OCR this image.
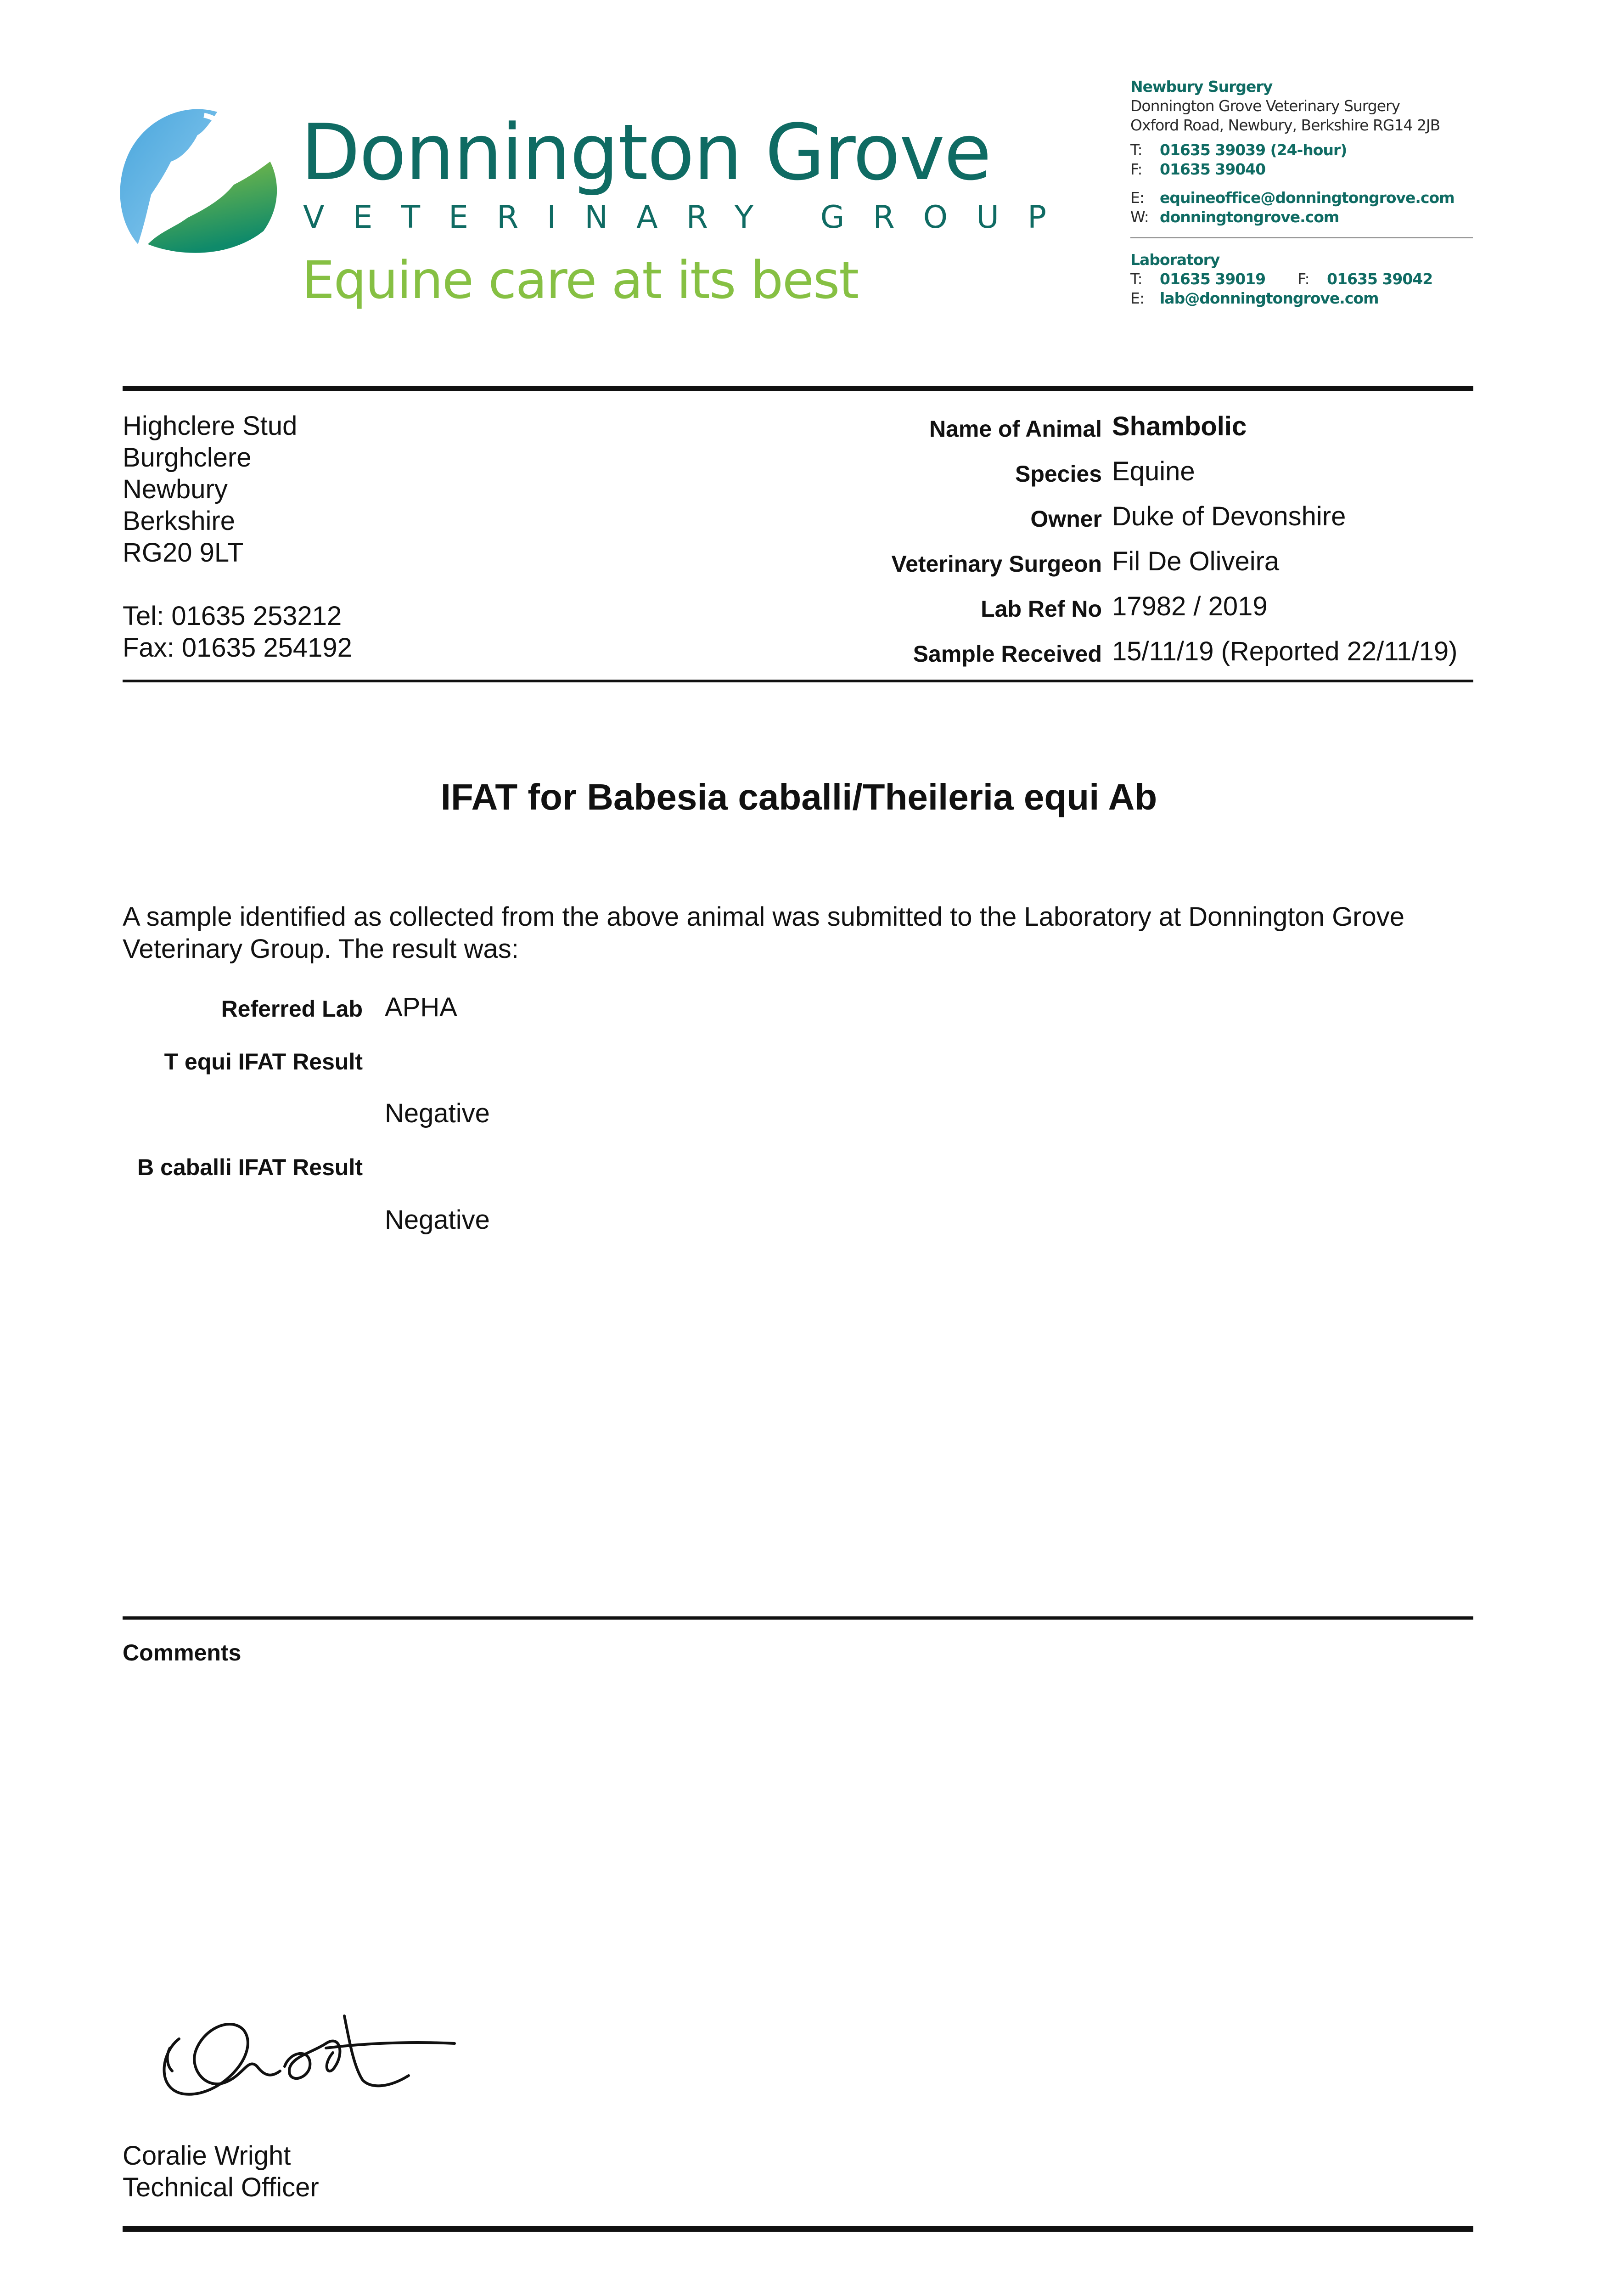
Donnington Grove
VETERINARY GROUP
Equine care at its best
Newbury Surgery
Donnington Grove Veterinary Surgery
Oxford Road, Newbury, Berkshire RG14 2JB
T: 01635 39039 (24-hour)
F: 01635 39040
E: equineoffice@donningtongrove.com
W: donningtongrove.com
Laboratory
T: 01635 39019 F: 01635 39042
E: lab@donningtongrove.com
Highclere Stud
Burghclere
Newbury
Berkshire
RG20 9LT
Tel: 01635 253212
Fax: 01635 254192
Name of Animal Shambolic
Species Equine
Owner Duke of Devonshire
Veterinary Surgeon Fil De Oliveira
Lab Ref No 17982 / 2019
Sample Received 15/11/19 (Reported 22/11/19)
IFAT for Babesia caballi/Theileria equi Ab
A sample identified as collected from the above animal was submitted to the Laboratory at Donnington Grove Veterinary Group. The result was:
Referred Lab APHA
T equi IFAT Result
Negative
B caballi IFAT Result
Negative
Comments
Coralie Wright
Technical Officer
